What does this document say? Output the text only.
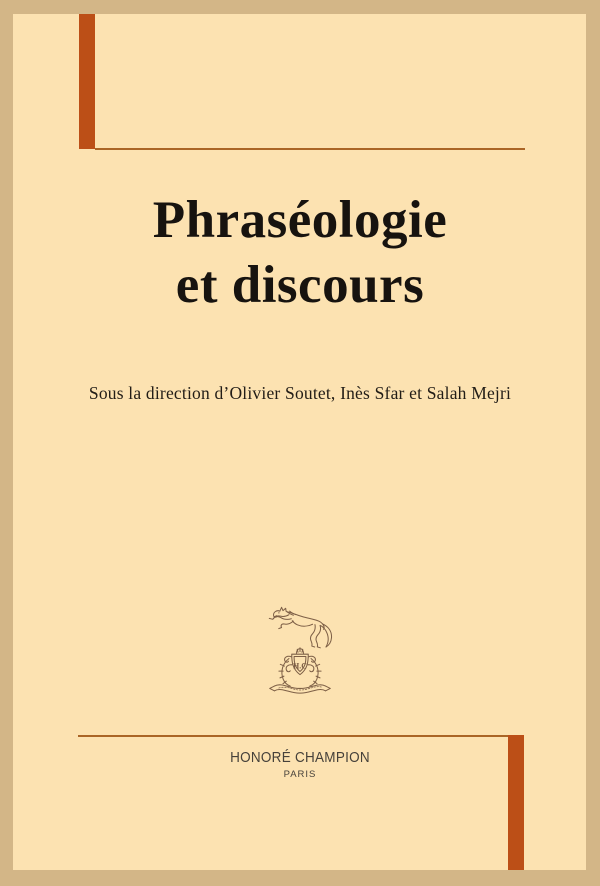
Phraséologie
et discours
Sous la direction d’Olivier Soutet, Inès Sfar et Salah Mejri
H.C
HONORÉ CHAMPION
PARIS
